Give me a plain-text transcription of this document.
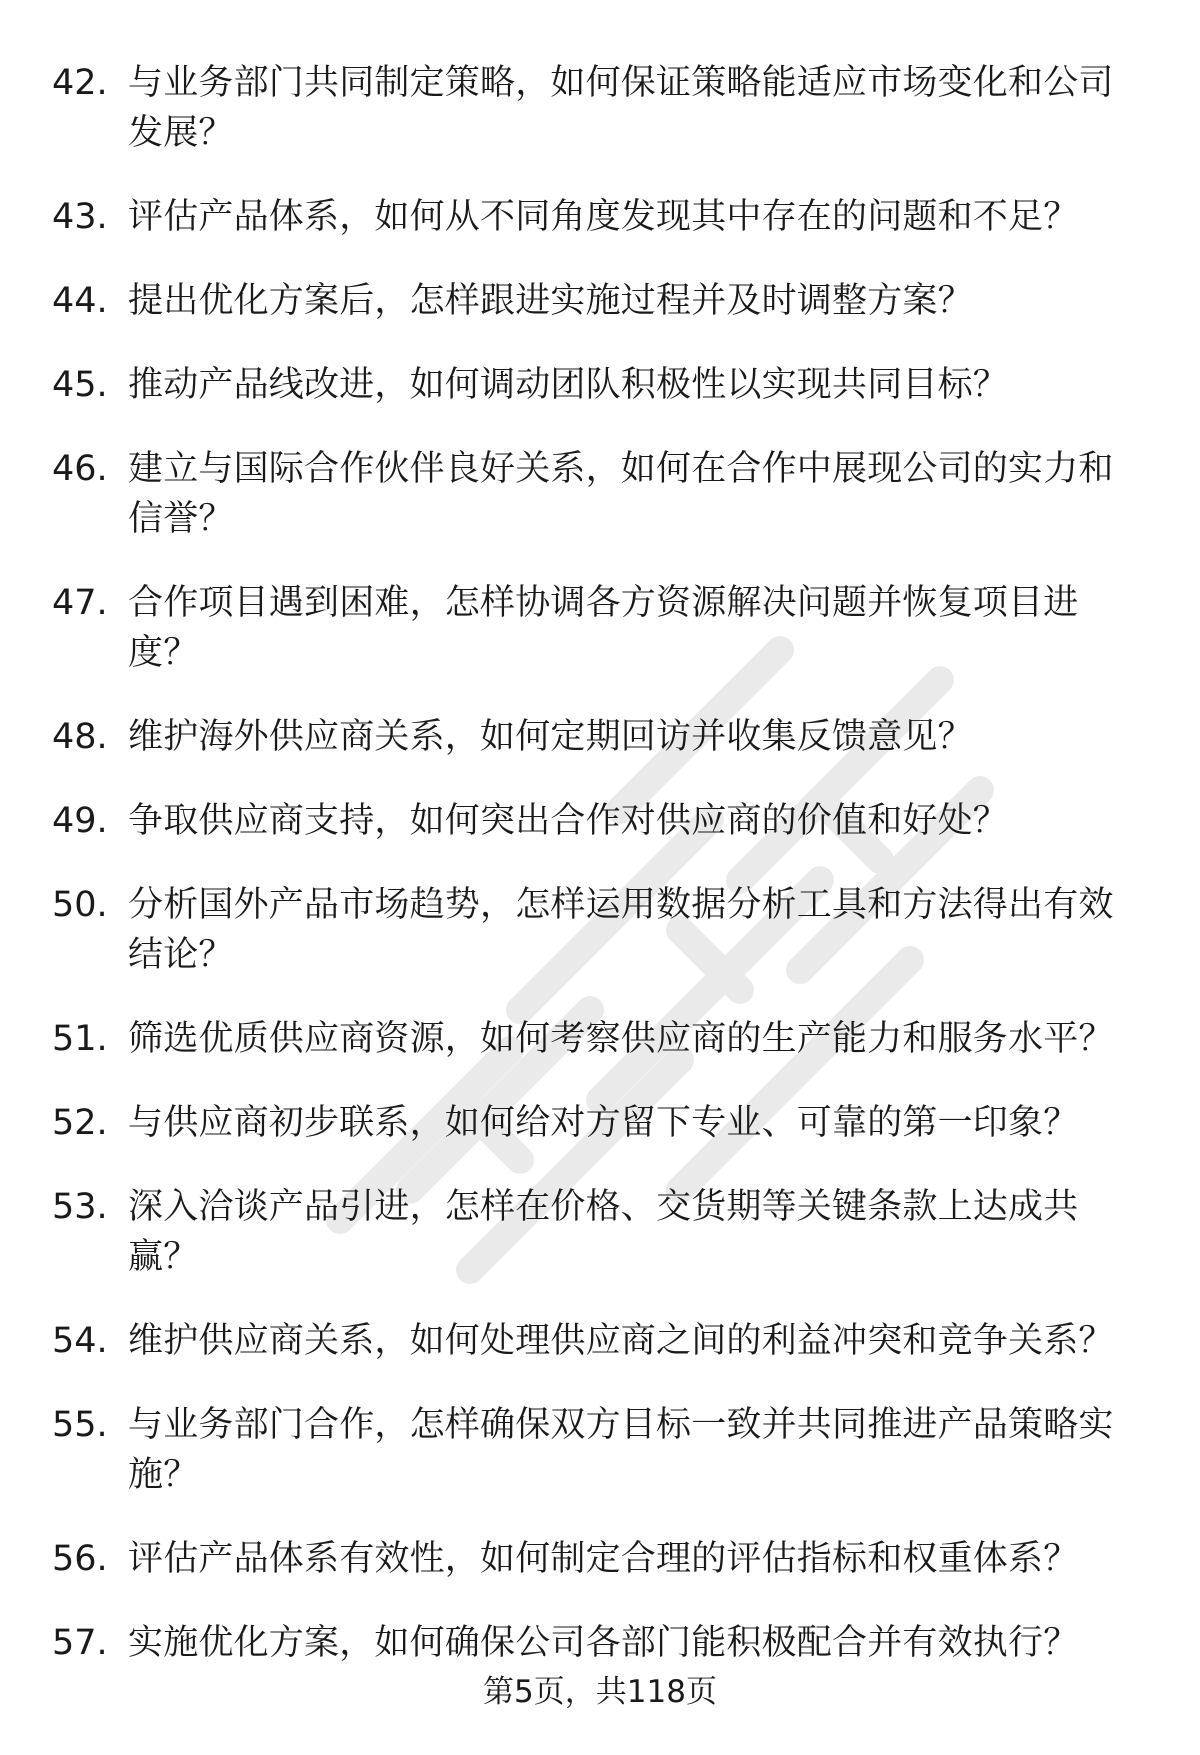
42. 与业务部门共同制定策略，如何保证策略能适应市场变化和公司发展？
43. 评估产品体系，如何从不同角度发现其中存在的问题和不足？
44. 提出优化方案后，怎样跟进实施过程并及时调整方案？
45. 推动产品线改进，如何调动团队积极性以实现共同目标？
46. 建立与国际合作伙伴良好关系，如何在合作中展现公司的实力和信誉？
47. 合作项目遇到困难，怎样协调各方资源解决问题并恢复项目进度？
48. 维护海外供应商关系，如何定期回访并收集反馈意见？
49. 争取供应商支持，如何突出合作对供应商的价值和好处？
50. 分析国外产品市场趋势，怎样运用数据分析工具和方法得出有效结论？
51. 筛选优质供应商资源，如何考察供应商的生产能力和服务水平？
52. 与供应商初步联系，如何给对方留下专业、可靠的第一印象？
53. 深入洽谈产品引进，怎样在价格、交货期等关键条款上达成共赢？
54. 维护供应商关系，如何处理供应商之间的利益冲突和竞争关系？
55. 与业务部门合作，怎样确保双方目标一致并共同推进产品策略实施？
56. 评估产品体系有效性，如何制定合理的评估指标和权重体系？
57. 实施优化方案，如何确保公司各部门能积极配合并有效执行？
第5页，共118页
